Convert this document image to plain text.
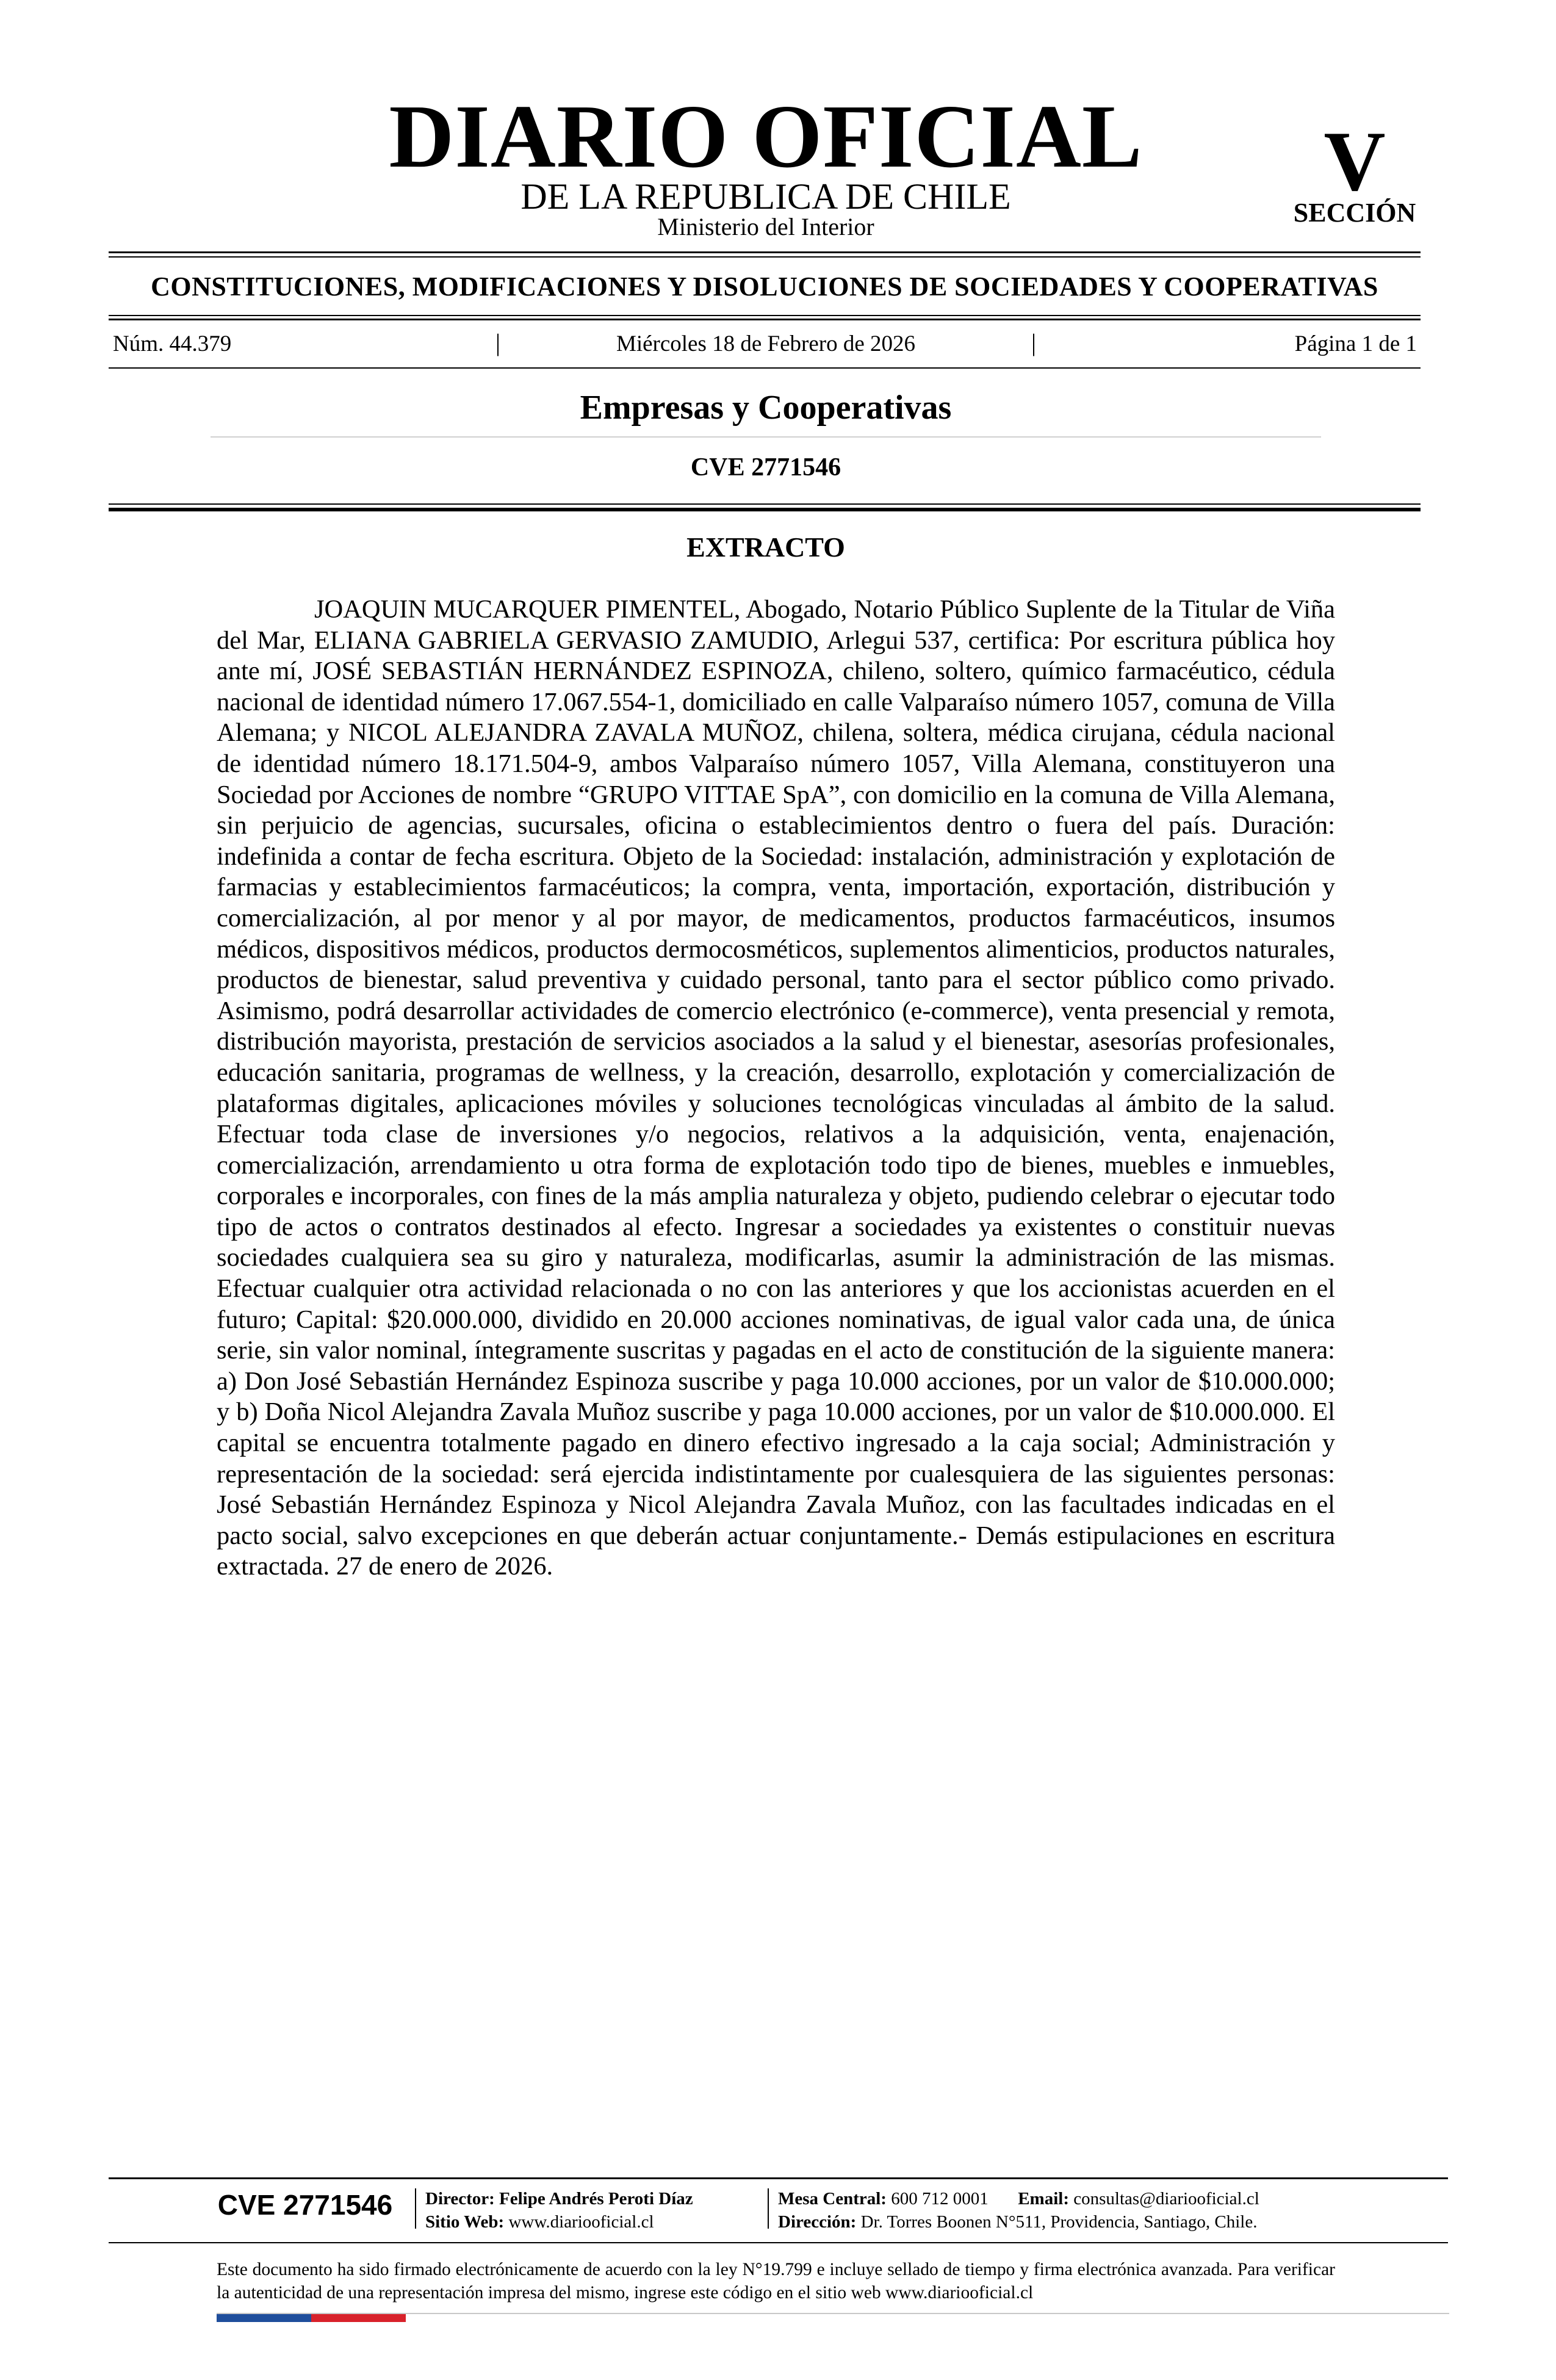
DIARIO OFICIAL
DE LA REPUBLICA DE CHILE
Ministerio del Interior
V
SECCIÓN
CONSTITUCIONES, MODIFICACIONES Y DISOLUCIONES DE SOCIEDADES Y COOPERATIVAS
Núm. 44.379	|	Miércoles 18 de Febrero de 2026	|	Página 1 de 1
Empresas y Cooperativas
CVE 2771546
EXTRACTO

JOAQUIN MUCARQUER PIMENTEL, Abogado, Notario Público Suplente de la Titular de Viña del Mar, ELIANA GABRIELA GERVASIO ZAMUDIO, Arlegui 537, certifica: Por escritura pública hoy ante mí, JOSÉ SEBASTIÁN HERNÁNDEZ ESPINOZA, chileno, soltero, químico farmacéutico, cédula nacional de identidad número 17.067.554-1, domiciliado en calle Valparaíso número 1057, comuna de Villa Alemana; y NICOL ALEJANDRA ZAVALA MUÑOZ, chilena, soltera, médica cirujana, cédula nacional de identidad número 18.171.504-9, ambos Valparaíso número 1057, Villa Alemana, constituyeron una Sociedad por Acciones de nombre “GRUPO VITTAE SpA”, con domicilio en la comuna de Villa Alemana, sin perjuicio de agencias, sucursales, oficina o establecimientos dentro o fuera del país. Duración: indefinida a contar de fecha escritura. Objeto de la Sociedad: instalación, administración y explotación de farmacias y establecimientos farmacéuticos; la compra, venta, importación, exportación, distribución y comercialización, al por menor y al por mayor, de medicamentos, productos farmacéuticos, insumos médicos, dispositivos médicos, productos dermocosméticos, suplementos alimenticios, productos naturales, productos de bienestar, salud preventiva y cuidado personal, tanto para el sector público como privado. Asimismo, podrá desarrollar actividades de comercio electrónico (e-commerce), venta presencial y remota, distribución mayorista, prestación de servicios asociados a la salud y el bienestar, asesorías profesionales, educación sanitaria, programas de wellness, y la creación, desarrollo, explotación y comercialización de plataformas digitales, aplicaciones móviles y soluciones tecnológicas vinculadas al ámbito de la salud. Efectuar toda clase de inversiones y/o negocios, relativos a la adquisición, venta, enajenación, comercialización, arrendamiento u otra forma de explotación todo tipo de bienes, muebles e inmuebles, corporales e incorporales, con fines de la más amplia naturaleza y objeto, pudiendo celebrar o ejecutar todo tipo de actos o contratos destinados al efecto. Ingresar a sociedades ya existentes o constituir nuevas sociedades cualquiera sea su giro y naturaleza, modificarlas, asumir la administración de las mismas. Efectuar cualquier otra actividad relacionada o no con las anteriores y que los accionistas acuerden en el futuro; Capital: $20.000.000, dividido en 20.000 acciones nominativas, de igual valor cada una, de única serie, sin valor nominal, íntegramente suscritas y pagadas en el acto de constitución de la siguiente manera: a) Don José Sebastián Hernández Espinoza suscribe y paga 10.000 acciones, por un valor de $10.000.000; y b) Doña Nicol Alejandra Zavala Muñoz suscribe y paga 10.000 acciones, por un valor de $10.000.000. El capital se encuentra totalmente pagado en dinero efectivo ingresado a la caja social; Administración y representación de la sociedad: será ejercida indistintamente por cualesquiera de las siguientes personas: José Sebastián Hernández Espinoza y Nicol Alejandra Zavala Muñoz, con las facultades indicadas en el pacto social, salvo excepciones en que deberán actuar conjuntamente.- Demás estipulaciones en escritura extractada. 27 de enero de 2026.

CVE 2771546	Director: Felipe Andrés Peroti Díaz
Sitio Web: www.diariooficial.cl
Mesa Central: 600 712 0001 Email: consultas@diariooficial.cl
Dirección: Dr. Torres Boonen N°511, Providencia, Santiago, Chile.

Este documento ha sido firmado electrónicamente de acuerdo con la ley N°19.799 e incluye sellado de tiempo y firma electrónica avanzada. Para verificar la autenticidad de una representación impresa del mismo, ingrese este código en el sitio web www.diariooficial.cl
